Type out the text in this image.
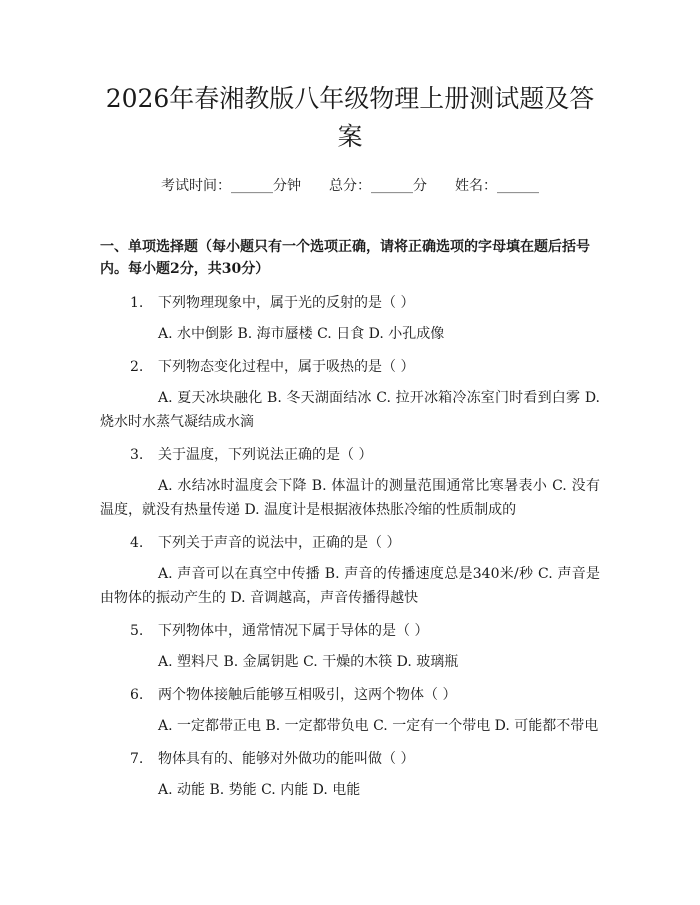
2026年春湘教版八年级物理上册测试题及答案
考试时间：______分钟 总分：______分 姓名：______
一、单项选择题（每小题只有一个选项正确，请将正确选项的字母填在题后括号内。每小题2分，共30分）
1. 下列物理现象中，属于光的反射的是（ ）
A. 水中倒影 B. 海市蜃楼 C. 日食 D. 小孔成像
2. 下列物态变化过程中，属于吸热的是（ ）
A. 夏天冰块融化 B. 冬天湖面结冰 C. 拉开冰箱冷冻室门时看到白雾 D. 烧水时水蒸气凝结成水滴
3. 关于温度，下列说法正确的是（ ）
A. 水结冰时温度会下降 B. 体温计的测量范围通常比寒暑表小 C. 没有温度，就没有热量传递 D. 温度计是根据液体热胀冷缩的性质制成的
4. 下列关于声音的说法中，正确的是（ ）
A. 声音可以在真空中传播 B. 声音的传播速度总是340米/秒 C. 声音是由物体的振动产生的 D. 音调越高，声音传播得越快
5. 下列物体中，通常情况下属于导体的是（ ）
A. 塑料尺 B. 金属钥匙 C. 干燥的木筷 D. 玻璃瓶
6. 两个物体接触后能够互相吸引，这两个物体（ ）
A. 一定都带正电 B. 一定都带负电 C. 一定有一个带电 D. 可能都不带电
7. 物体具有的、能够对外做功的能叫做（ ）
A. 动能 B. 势能 C. 内能 D. 电能
